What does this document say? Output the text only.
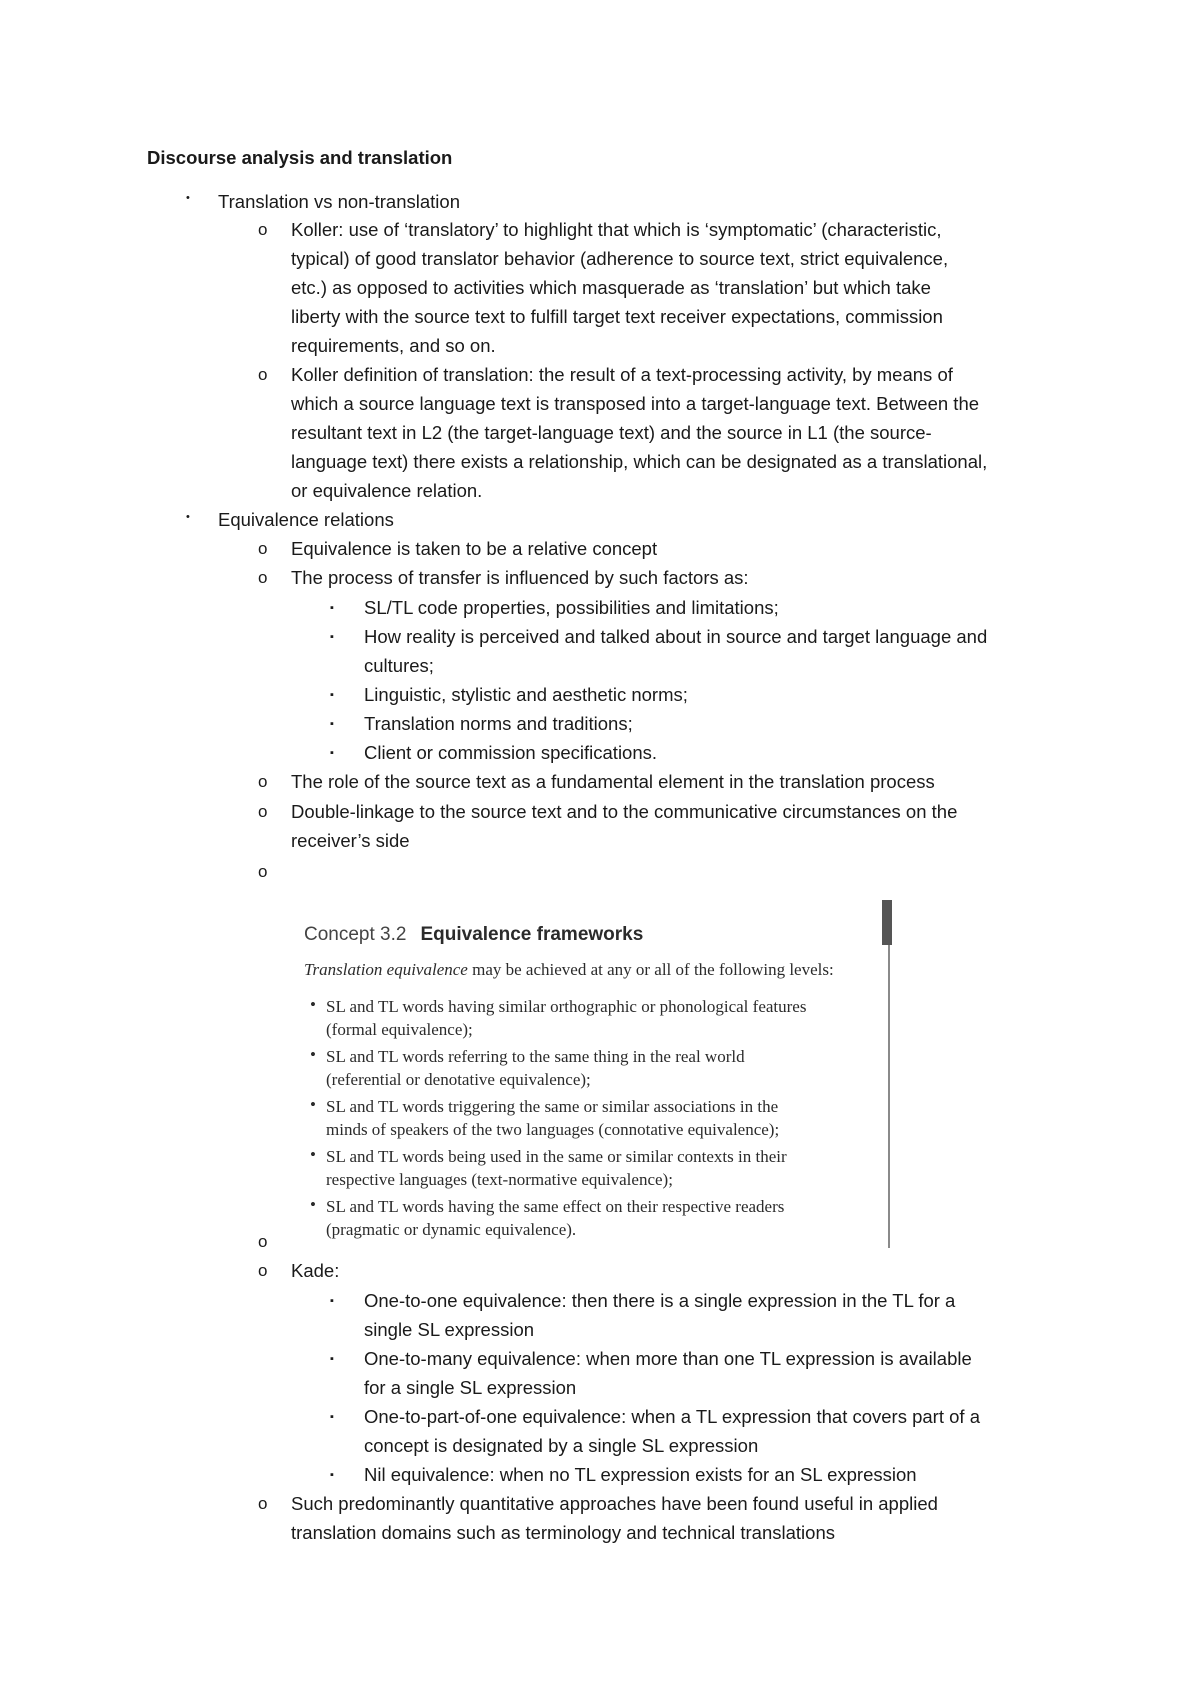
Discourse analysis and translation
• Translation vs non-translation
o Koller: use of ‘translatory’ to highlight that which is ‘symptomatic’ (characteristic,
typical) of good translator behavior (adherence to source text, strict equivalence,
etc.) as opposed to activities which masquerade as ‘translation’ but which take
liberty with the source text to fulfill target text receiver expectations, commission
requirements, and so on.
o Koller definition of translation: the result of a text-processing activity, by means of
which a source language text is transposed into a target-language text. Between the
resultant text in L2 (the target-language text) and the source in L1 (the source-
language text) there exists a relationship, which can be designated as a translational,
or equivalence relation.
• Equivalence relations
o Equivalence is taken to be a relative concept
o The process of transfer is influenced by such factors as:
▪ SL/TL code properties, possibilities and limitations;
▪ How reality is perceived and talked about in source and target language and
cultures;
▪ Linguistic, stylistic and aesthetic norms;
▪ Translation norms and traditions;
▪ Client or commission specifications.
o The role of the source text as a fundamental element in the translation process
o Double-linkage to the source text and to the communicative circumstances on the
receiver’s side
o
Concept 3.2 Equivalence frameworks
Translation equivalence may be achieved at any or all of the following levels:
• SL and TL words having similar orthographic or phonological features
(formal equivalence);
• SL and TL words referring to the same thing in the real world
(referential or denotative equivalence);
• SL and TL words triggering the same or similar associations in the
minds of speakers of the two languages (connotative equivalence);
• SL and TL words being used in the same or similar contexts in their
respective languages (text-normative equivalence);
• SL and TL words having the same effect on their respective readers
(pragmatic or dynamic equivalence).
o
o Kade:
▪ One-to-one equivalence: then there is a single expression in the TL for a
single SL expression
▪ One-to-many equivalence: when more than one TL expression is available
for a single SL expression
▪ One-to-part-of-one equivalence: when a TL expression that covers part of a
concept is designated by a single SL expression
▪ Nil equivalence: when no TL expression exists for an SL expression
o Such predominantly quantitative approaches have been found useful in applied
translation domains such as terminology and technical translations
